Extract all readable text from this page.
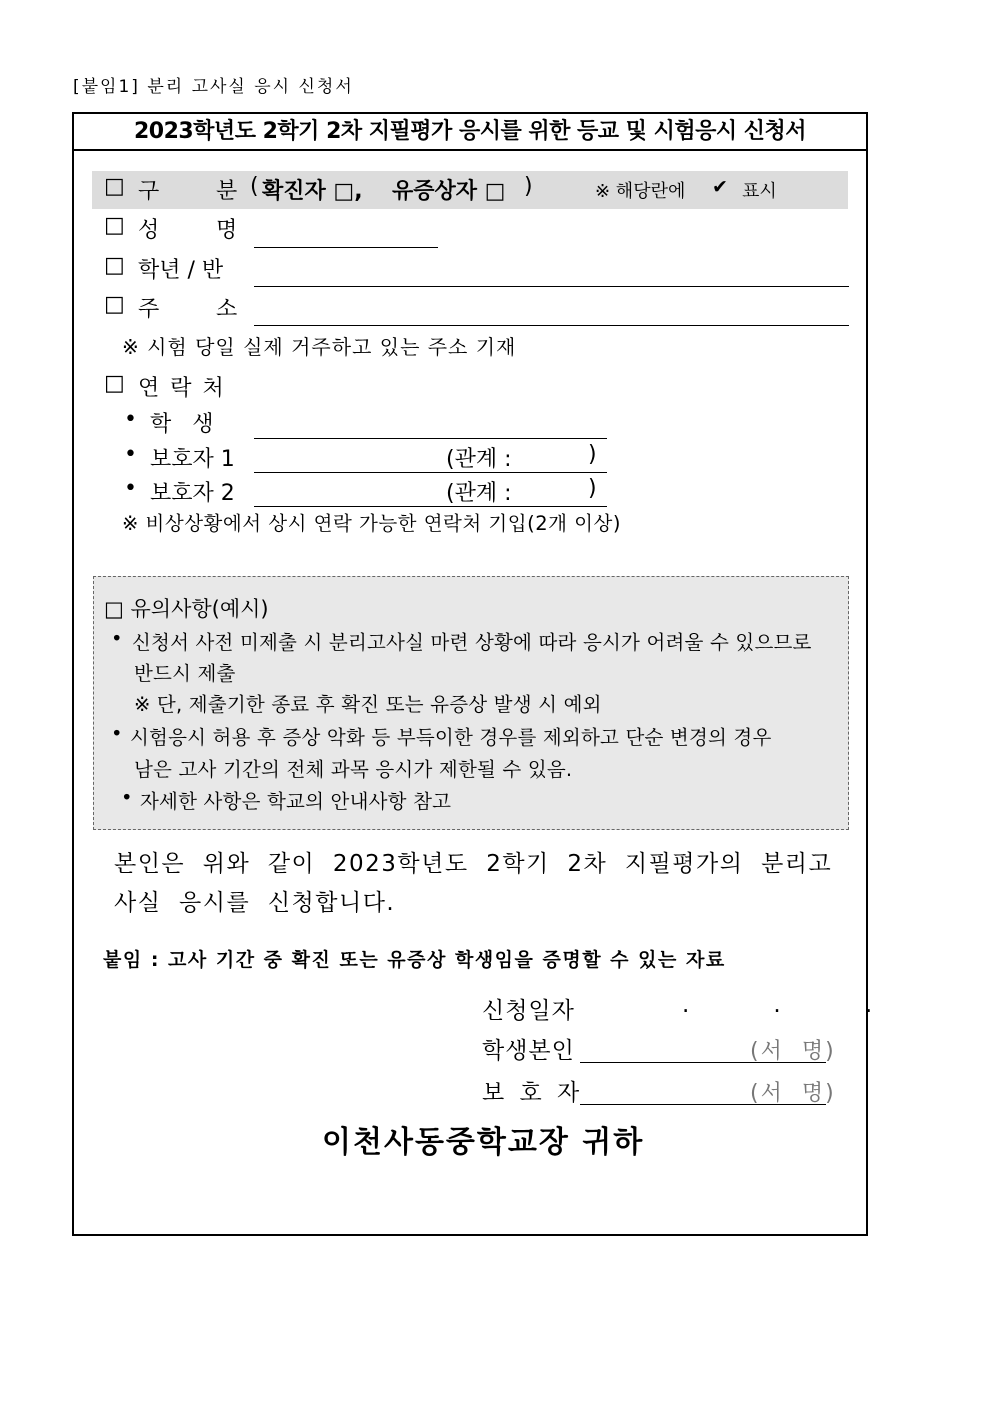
[붙임1] 분리 고사실 응시 신청서
2023학년도 2학기 2차 지필평가 응시를 위한 등교 및 시험응시 신청서
□ 구	분 ( 확진자 □, 유증상자 □ )	※ 해당란에 ✔ 표시
□ 성	명
□ 학년 / 반
□ 주	소
※ 시험 당일 실제 거주하고 있는 주소 기재
□ 연 락 처
• 학   생
• 보호자 1	(관계 :	)
• 보호자 2	(관계 :	)
※ 비상상황에서 상시 연락 가능한 연락처 기입(2개 이상)
□ 유의사항(예시)
• 신청서 사전 미제출 시 분리고사실 마련 상황에 따라 응시가 어려울 수 있으므로
반드시 제출
※ 단, 제출기한 종료 후 확진 또는 유증상 발생 시 예외
• 시험응시 허용 후 증상 악화 등 부득이한 경우를 제외하고 단순 변경의 경우
남은 고사 기간의 전체 과목 응시가 제한될 수 있음.
• 자세한 사항은 학교의 안내사항 참고
본인은  위와  같이  2023학년도  2학기  2차  지필평가의  분리고
사실  응시를  신청합니다.
붙임 : 고사 기간 중 확진 또는 유증상 학생임을 증명할 수 있는 자료
신청일자	.          .          .
학생본인	(서  명)
보 호 자	(서  명)
이천사동중학교장 귀하
